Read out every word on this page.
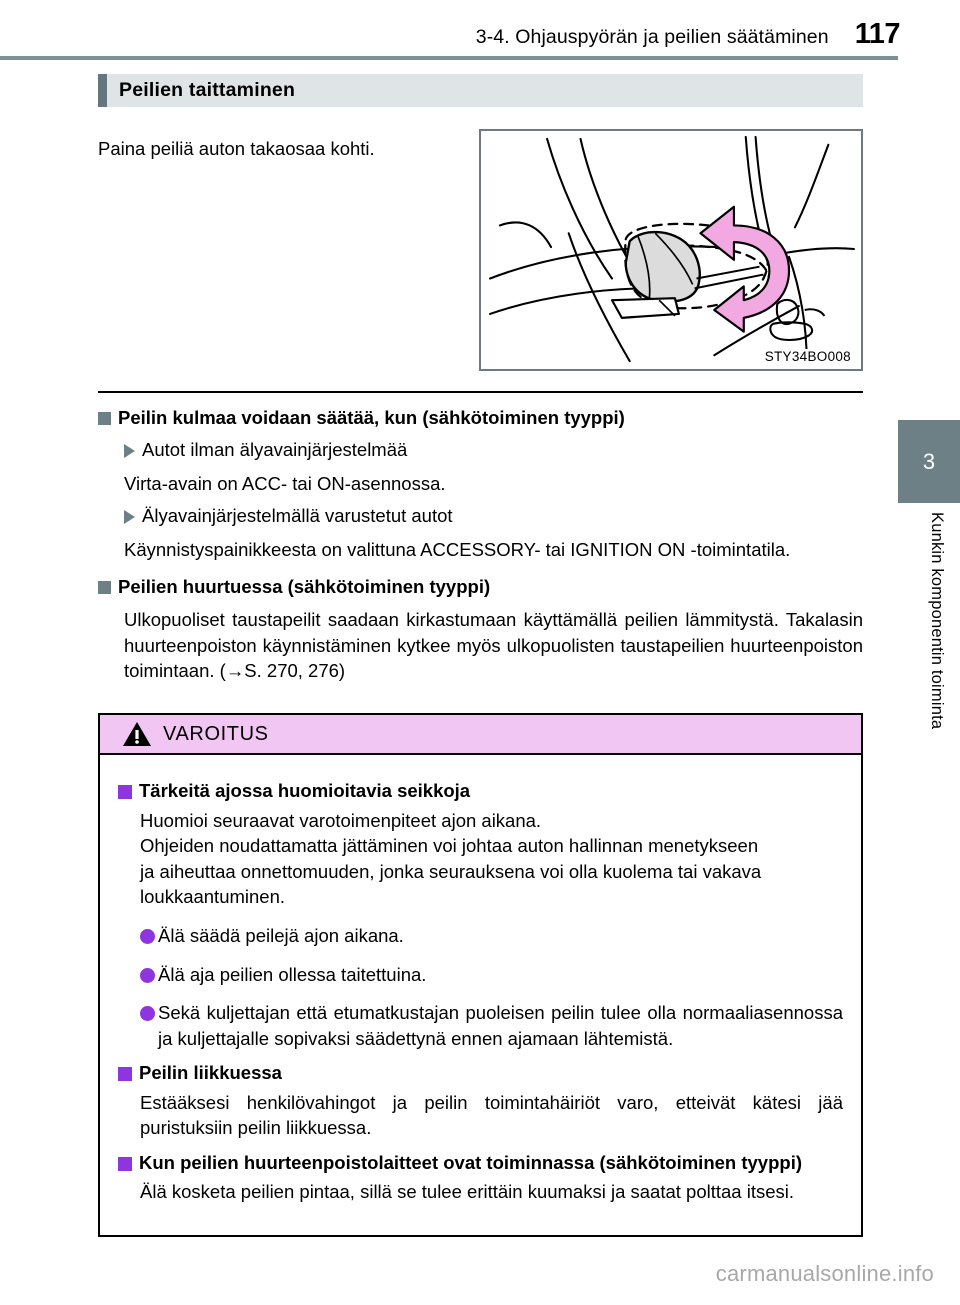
3-4. Ohjauspyörän ja peilien säätäminen 117
3
Kunkin komponentin toiminta
Peilien taittaminen
Paina peiliä auton takaosaa kohti.
STY34BO008
Peilin kulmaa voidaan säätää, kun (sähkötoiminen tyyppi)
Autot ilman älyavainjärjestelmää
Virta-avain on ACC- tai ON-asennossa.
Älyavainjärjestelmällä varustetut autot
Käynnistyspainikkeesta on valittuna ACCESSORY- tai IGNITION ON -toimintatila.
Peilien huurtuessa (sähkötoiminen tyyppi)
Ulkopuoliset taustapeilit saadaan kirkastumaan käyttämällä peilien lämmitystä. Takalasin huurteenpoiston käynnistäminen kytkee myös ulkopuolisten taustapeilien huurteenpoiston toimintaan. (→S. 270, 276)
VAROITUS
Tärkeitä ajossa huomioitavia seikkoja
Huomioi seuraavat varotoimenpiteet ajon aikana.
Ohjeiden noudattamatta jättäminen voi johtaa auton hallinnan menetykseen
ja aiheuttaa onnettomuuden, jonka seurauksena voi olla kuolema tai vakava
loukkaantuminen.
Älä säädä peilejä ajon aikana.
Älä aja peilien ollessa taitettuina.
Sekä kuljettajan että etumatkustajan puoleisen peilin tulee olla normaaliasennossa ja kuljettajalle sopivaksi säädettynä ennen ajamaan lähtemistä.
Peilin liikkuessa
Estääksesi henkilövahingot ja peilin toimintahäiriöt varo, etteivät kätesi jää puristuksiin peilin liikkuessa.
Kun peilien huurteenpoistolaitteet ovat toiminnassa (sähkötoiminen tyyppi)
Älä kosketa peilien pintaa, sillä se tulee erittäin kuumaksi ja saatat polttaa itsesi.
carmanualsonline.info
